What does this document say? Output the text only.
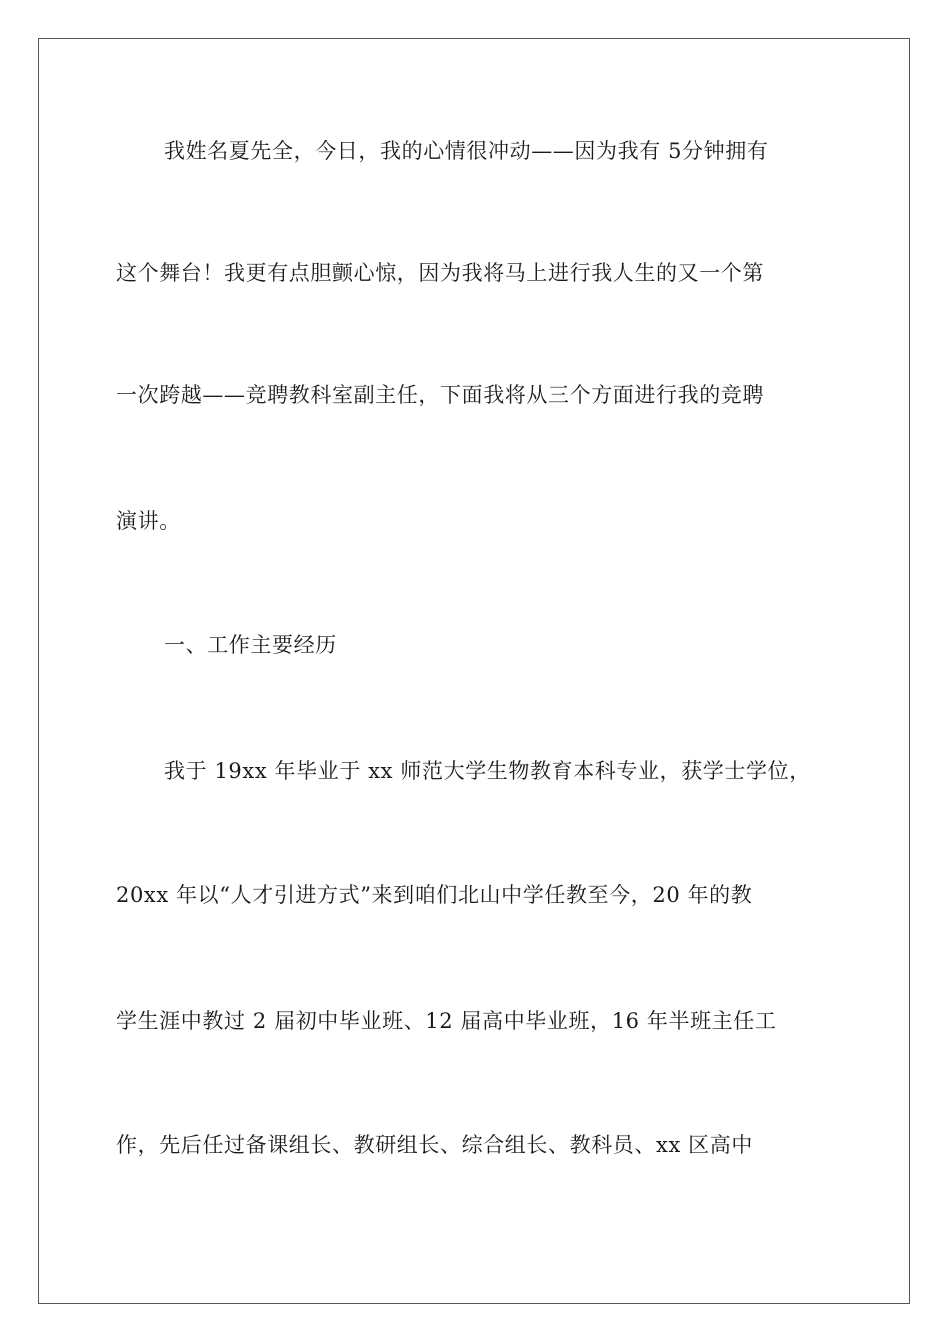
我姓名夏先全，今日，我的心情很冲动——因为我有 5分钟拥有
这个舞台！我更有点胆颤心惊，因为我将马上进行我人生的又一个第
一次跨越——竞聘教科室副主任，下面我将从三个方面进行我的竞聘
演讲。
一、工作主要经历
我于 19xx 年毕业于 xx 师范大学生物教育本科专业，获学士学位，
20xx 年以“人才引进方式”来到咱们北山中学任教至今，20 年的教
学生涯中教过 2 届初中毕业班、12 届高中毕业班，16 年半班主任工
作，先后任过备课组长、教研组长、综合组长、教科员、xx 区高中
